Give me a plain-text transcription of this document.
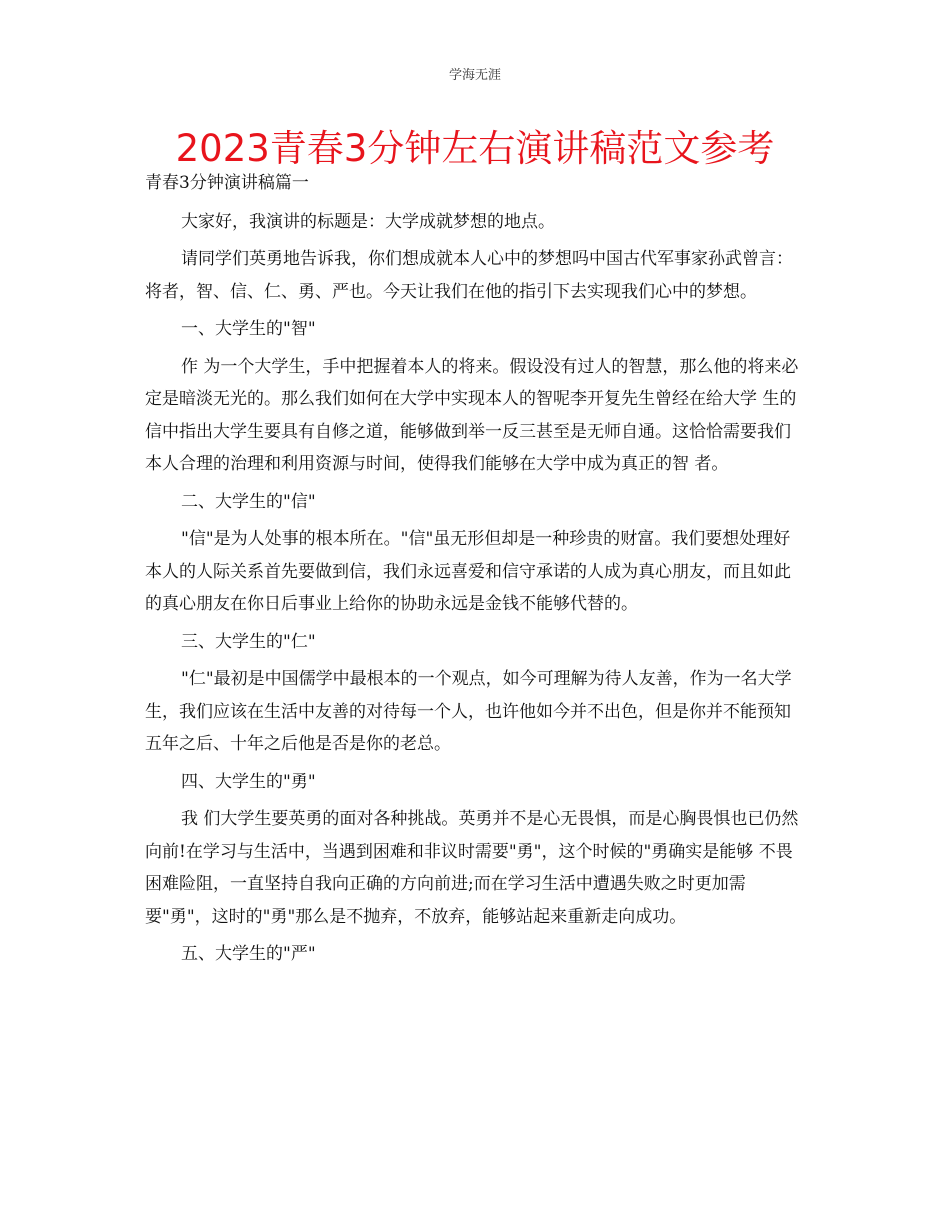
学海无涯
2023青春3分钟左右演讲稿范文参考

青春3分钟演讲稿篇一

大家好，我演讲的标题是：大学成就梦想的地点。

请同学们英勇地告诉我，你们想成就本人心中的梦想吗中国古代军事家孙武曾言：将者，智、信、仁、勇、严也。今天让我们在他的指引下去实现我们心中的梦想。

一、大学生的"智"

作 为一个大学生，手中把握着本人的将来。假设没有过人的智慧，那么他的将来必定是暗淡无光的。那么我们如何在大学中实现本人的智呢李开复先生曾经在给大学 生的信中指出大学生要具有自修之道，能够做到举一反三甚至是无师自通。这恰恰需要我们本人合理的治理和利用资源与时间，使得我们能够在大学中成为真正的智 者。

二、大学生的"信"

"信"是为人处事的根本所在。"信"虽无形但却是一种珍贵的财富。我们要想处理好本人的人际关系首先要做到信，我们永远喜爱和信守承诺的人成为真心朋友，而且如此的真心朋友在你日后事业上给你的协助永远是金钱不能够代替的。

三、大学生的"仁"

"仁"最初是中国儒学中最根本的一个观点，如今可理解为待人友善，作为一名大学生，我们应该在生活中友善的对待每一个人，也许他如今并不出色，但是你并不能预知五年之后、十年之后他是否是你的老总。

四、大学生的"勇"

我 们大学生要英勇的面对各种挑战。英勇并不是心无畏惧，而是心胸畏惧也已仍然向前!在学习与生活中，当遇到困难和非议时需要"勇"，这个时候的"勇确实是能够 不畏困难险阻，一直坚持自我向正确的方向前进;而在学习生活中遭遇失败之时更加需要"勇"，这时的"勇"那么是不抛弃，不放弃，能够站起来重新走向成功。

五、大学生的"严"
